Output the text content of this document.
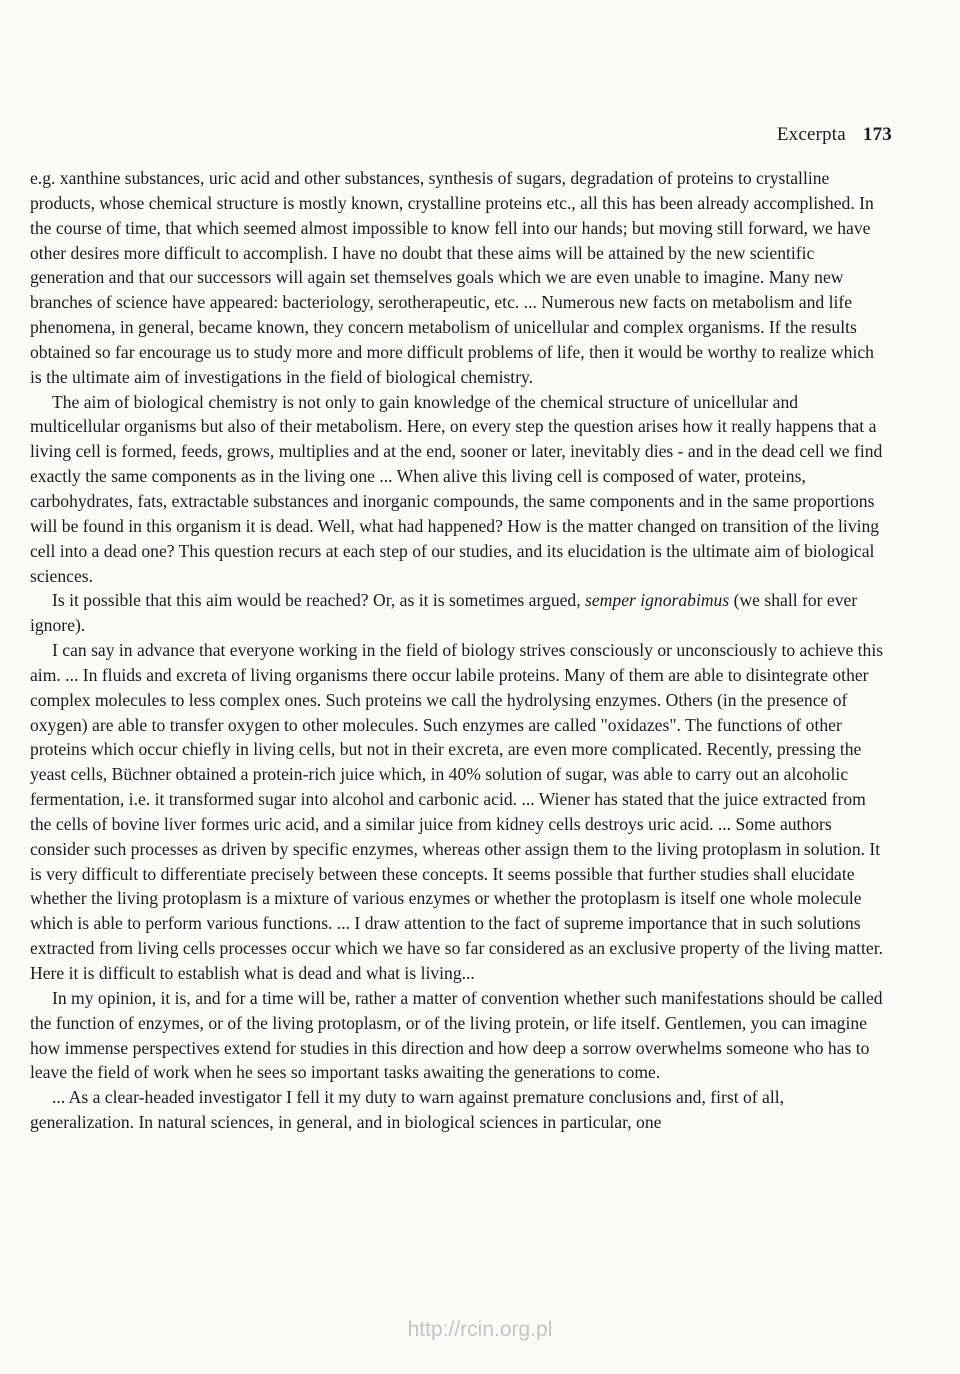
Excerpta 173

e.g. xanthine substances, uric acid and other substances, synthesis of sugars, degradation of proteins to crystalline products, whose chemical structure is mostly known, crystalline proteins etc., all this has been already accomplished. In the course of time, that which seemed almost impossible to know fell into our hands; but moving still forward, we have other desires more difficult to accomplish. I have no doubt that these aims will be attained by the new scientific generation and that our successors will again set themselves goals which we are even unable to imagine. Many new branches of science have appeared: bacteriology, serotherapeutic, etc. ... Numerous new facts on metabolism and life phenomena, in general, became known, they concern metabolism of unicellular and complex organisms. If the results obtained so far encourage us to study more and more difficult problems of life, then it would be worthy to realize which is the ultimate aim of investigations in the field of biological chemistry.

The aim of biological chemistry is not only to gain knowledge of the chemical structure of unicellular and multicellular organisms but also of their metabolism. Here, on every step the question arises how it really happens that a living cell is formed, feeds, grows, multiplies and at the end, sooner or later, inevitably dies - and in the dead cell we find exactly the same components as in the living one ... When alive this living cell is composed of water, proteins, carbohydrates, fats, extractable substances and inorganic compounds, the same components and in the same proportions will be found in this organism it is dead. Well, what had happened? How is the matter changed on transition of the living cell into a dead one? This question recurs at each step of our studies, and its elucidation is the ultimate aim of biological sciences.

Is it possible that this aim would be reached? Or, as it is sometimes argued, semper ignorabimus (we shall for ever ignore).

I can say in advance that everyone working in the field of biology strives consciously or unconsciously to achieve this aim. ... In fluids and excreta of living organisms there occur labile proteins. Many of them are able to disintegrate other complex molecules to less complex ones. Such proteins we call the hydrolysing enzymes. Others (in the presence of oxygen) are able to transfer oxygen to other molecules. Such enzymes are called "oxidazes". The functions of other proteins which occur chiefly in living cells, but not in their excreta, are even more complicated. Recently, pressing the yeast cells, Büchner obtained a protein-rich juice which, in 40% solution of sugar, was able to carry out an alcoholic fermentation, i.e. it transformed sugar into alcohol and carbonic acid. ... Wiener has stated that the juice extracted from the cells of bovine liver formes uric acid, and a similar juice from kidney cells destroys uric acid. ... Some authors consider such processes as driven by specific enzymes, whereas other assign them to the living protoplasm in solution. It is very difficult to differentiate precisely between these concepts. It seems possible that further studies shall elucidate whether the living protoplasm is a mixture of various enzymes or whether the protoplasm is itself one whole molecule which is able to perform various functions. ... I draw attention to the fact of supreme importance that in such solutions extracted from living cells processes occur which we have so far considered as an exclusive property of the living matter. Here it is difficult to establish what is dead and what is living...

In my opinion, it is, and for a time will be, rather a matter of convention whether such manifestations should be called the function of enzymes, or of the living protoplasm, or of the living protein, or life itself. Gentlemen, you can imagine how immense perspectives extend for studies in this direction and how deep a sorrow overwhelms someone who has to leave the field of work when he sees so important tasks awaiting the generations to come.

... As a clear-headed investigator I fell it my duty to warn against premature conclusions and, first of all, generalization. In natural sciences, in general, and in biological sciences in particular, one

http://rcin.org.pl
